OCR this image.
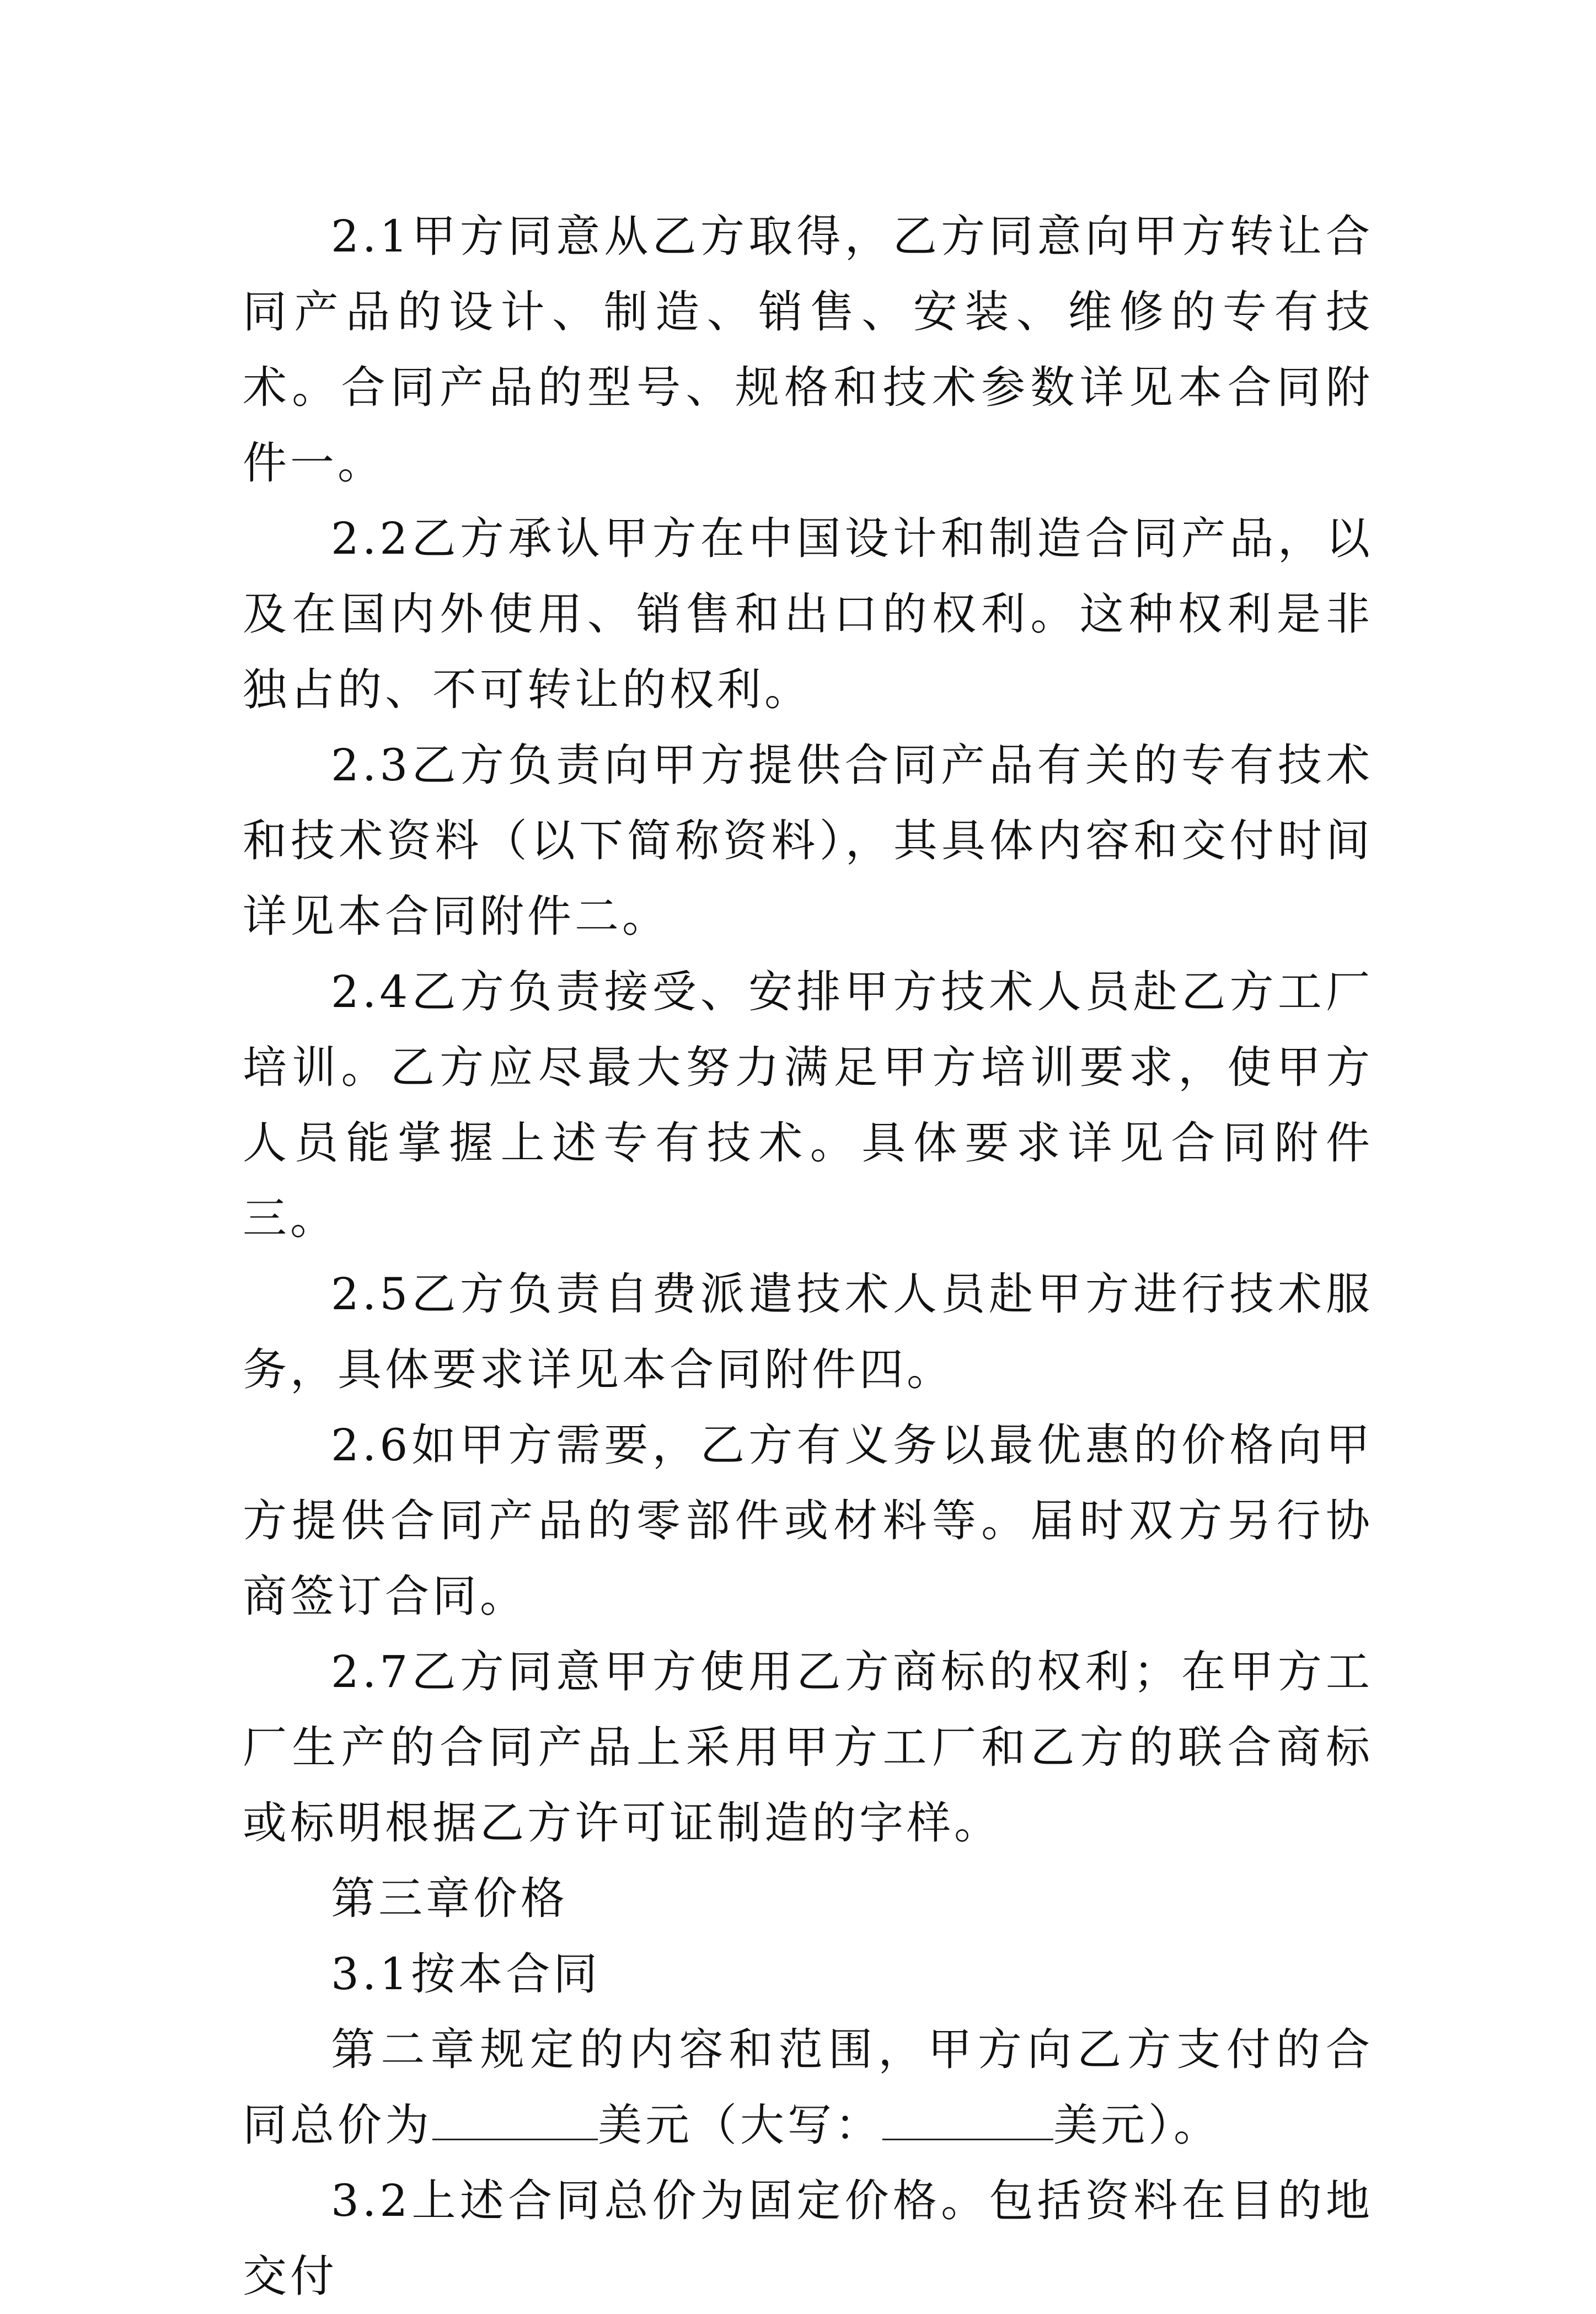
2.1甲方同意从乙方取得，乙方同意向甲方转让合同产品的设计、制造、销售、安装、维修的专有技术。合同产品的型号、规格和技术参数详见本合同附件一。

2.2乙方承认甲方在中国设计和制造合同产品，以及在国内外使用、销售和出口的权利。这种权利是非独占的、不可转让的权利。

2.3乙方负责向甲方提供合同产品有关的专有技术和技术资料（以下简称资料），其具体内容和交付时间详见本合同附件二。

2.4乙方负责接受、安排甲方技术人员赴乙方工厂培训。乙方应尽最大努力满足甲方培训要求，使甲方人员能掌握上述专有技术。具体要求详见合同附件三。

2.5乙方负责自费派遣技术人员赴甲方进行技术服务，具体要求详见本合同附件四。

2.6如甲方需要，乙方有义务以最优惠的价格向甲方提供合同产品的零部件或材料等。届时双方另行协商签订合同。

2.7乙方同意甲方使用乙方商标的权利；在甲方工厂生产的合同产品上采用甲方工厂和乙方的联合商标或标明根据乙方许可证制造的字样。

第三章价格

3.1按本合同

第二章规定的内容和范围，甲方向乙方支付的合同总价为	美元（大写：	美元）。

3.2上述合同总价为固定价格。包括资料在目的地交付
